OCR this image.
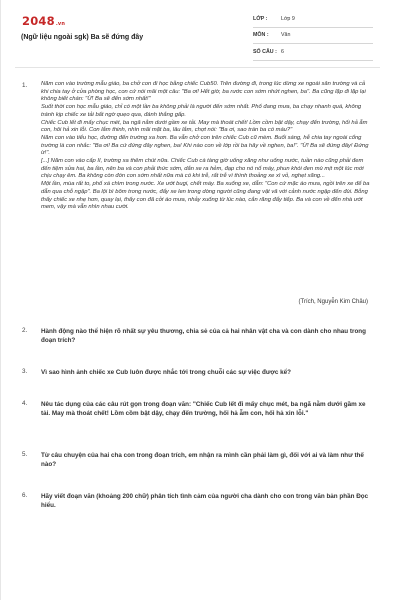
2048.vn
(Ngữ liệu ngoài sgk) Ba sẽ đứng đây
LỚP :	Lớp 9
MÔN :	Văn
SỐ CÂU : 6
1. Năm con vào trường mẫu giáo, ba chở con đi học bằng chiếc Cub50. Trên đường đi, trong lúc dừng xe ngoài sân trường và cả khi chia tay ở cửa phòng học, con cứ nói mãi một câu: "Ba ơi! Hết giờ, ba rước con sớm nhứt nghen, ba". Ba cũng lặp đi lặp lại không biết chán: "Ừ! Ba sẽ đến sớm nhất!"

Suốt thời con học mẫu giáo, chỉ có một lần ba không phải là người đến sớm nhất. Phố đang mưa, ba chạy nhanh quá, không tránh kịp chiếc xe tải bất ngờ quẹo qua, đánh thắng gấp.

Chiếc Cub lết đi mấy chục mét, ba ngã nằm dưới gầm xe tải. May mà thoát chết! Lồm cồm bật dậy, chạy đến trường, hối hả ẵm con, hôi hả xin lỗi. Con lắm thinh, nhìn mãi mặt ba, lâu lắm, chợt nói: "Ba ơi, sao trán ba có máu?"

Năm con vào tiểu học, đường đến trường xa hơn. Ba vẫn chở con trên chiếc Cub cũ mèm. Buổi sáng, hễ chia tay ngoài cổng trường là con nhắc: "Ba ơi! Ba cứ đứng đây nghen, ba! Khi nào con về lớp rồi ba hãy về nghen, ba!". "Ừ! Ba sẽ đứng đây! Đứng ừ!".

[...] Năm con vào cấp II, trường xa thêm chút nữa. Chiếc Cub cà tàng giờ uống xăng như uống nước, tuần nào cũng phải đem đến tiệm sửa hai, ba lần, nên ba và con phải thức sớm, dắn xe ra hẻm, đạp cho nó nổ máy, phun khói đen mù mịt một lúc mới chịu chạy êm. Ba không còn đón con sớm nhất nữa mà có khi trễ, rất trễ vì thình thoảng xe xì vỏ, nghẹt xăng...

Một lần, mùa rất to, phố xá chìm trong nước. Xe ướt bugi, chết máy. Ba xuống xe, dẫn: "Con cứ mặc áo mưa, ngồi trên xe để ba dẫn qua chỗ ngập". Ba lội bì bõm trong nước, đẩy xe len trong dòng người cũng đang vật vã với cảnh nước ngập đến đùi. Bỗng thấy chiếc xe nhẹ hơn, quay lại, thấy con đã cởi áo mưa, nhảy xuống từ lúc nào, cắn răng đẩy tiếp. Ba và con về đến nhà ướt mem, vậy mà vẫn nhìn nhau cười.

(Trích, Nguyễn Kim Châu)
2. Hành động nào thể hiện rõ nhất sự yêu thương, chia sẻ của cả hai nhân vật cha và con dành cho nhau trong đoạn trích?
3. Vì sao hình ảnh chiếc xe Cub luôn được nhắc tới trong chuỗi các sự việc được kể?
4. Nêu tác dụng của các câu rút gọn trong đoạn văn: "Chiếc Cub lết đi mấy chục mét, ba ngã nằm dưới gầm xe tải. May mà thoát chết! Lồm cồm bật dậy, chạy đến trường, hối hả ẵm con, hối hả xin lỗi."
5. Từ câu chuyện của hai cha con trong đoạn trích, em nhận ra mình cần phải làm gì, đối với ai và làm như thế nào?
6. Hãy viết đoạn văn (khoảng 200 chữ) phân tích tình cảm của người cha dành cho con trong văn bản phần Đọc hiểu.
